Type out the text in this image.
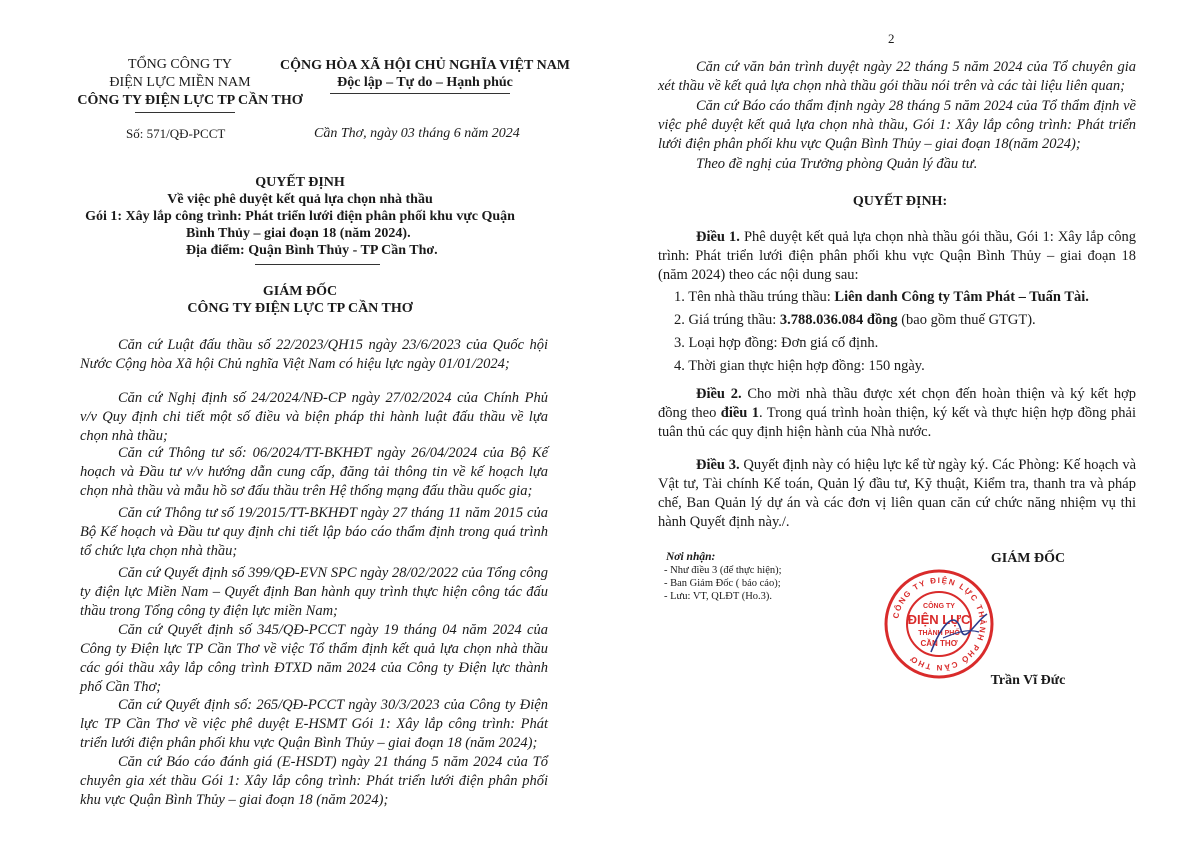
TỔNG CÔNG TY
ĐIỆN LỰC MIỀN NAM
CÔNG TY ĐIỆN LỰC TP CẦN THƠ
CỘNG HÒA XÃ HỘI CHỦ NGHĨA VIỆT NAM
Độc lập – Tự do – Hạnh phúc
Số: 571/QĐ-PCCT	Cần Thơ, ngày 03 tháng 6 năm 2024
QUYẾT ĐỊNH
Về việc phê duyệt kết quả lựa chọn nhà thầu
Gói 1: Xây lắp công trình: Phát triển lưới điện phân phối khu vực Quận
Bình Thủy – giai đoạn 18 (năm 2024).
Địa điểm: Quận Bình Thủy - TP Cần Thơ.
GIÁM ĐỐC
CÔNG TY ĐIỆN LỰC TP CẦN THƠ
Căn cứ Luật đấu thầu số 22/2023/QH15 ngày 23/6/2023 của Quốc hội Nước Cộng hòa Xã hội Chủ nghĩa Việt Nam có hiệu lực ngày 01/01/2024;
Căn cứ Nghị định số 24/2024/NĐ-CP ngày 27/02/2024 của Chính Phủ v/v Quy định chi tiết một số điều và biện pháp thi hành luật đấu thầu về lựa chọn nhà thầu;
Căn cứ Thông tư số: 06/2024/TT-BKHĐT ngày 26/04/2024 của Bộ Kế hoạch và Đầu tư v/v hướng dẫn cung cấp, đăng tải thông tin về kế hoạch lựa chọn nhà thầu và mẫu hồ sơ đấu thầu trên Hệ thống mạng đấu thầu quốc gia;
Căn cứ Thông tư số 19/2015/TT-BKHĐT ngày 27 tháng 11 năm 2015 của Bộ Kế hoạch và Đầu tư quy định chi tiết lập báo cáo thẩm định trong quá trình tổ chức lựa chọn nhà thầu;
Căn cứ Quyết định số 399/QĐ-EVN SPC ngày 28/02/2022 của Tổng công ty điện lực Miền Nam – Quyết định Ban hành quy trình thực hiện công tác đấu thầu trong Tổng công ty điện lực miền Nam;
Căn cứ Quyết định số 345/QĐ-PCCT ngày 19 tháng 04 năm 2024 của Công ty Điện lực TP Cần Thơ về việc Tổ thẩm định kết quả lựa chọn nhà thầu các gói thầu xây lắp công trình ĐTXD năm 2024 của Công ty Điện lực thành phố Cần Thơ;
Căn cứ Quyết định số: 265/QĐ-PCCT ngày 30/3/2023 của Công ty Điện lực TP Cần Thơ về việc phê duyệt E-HSMT Gói 1: Xây lắp công trình: Phát triển lưới điện phân phối khu vực Quận Bình Thủy – giai đoạn 18 (năm 2024);
Căn cứ Báo cáo đánh giá (E-HSDT) ngày 21 tháng 5 năm 2024 của Tổ chuyên gia xét thầu Gói 1: Xây lắp công trình: Phát triển lưới điện phân phối khu vực Quận Bình Thủy – giai đoạn 18 (năm 2024);
2
Căn cứ văn bản trình duyệt ngày 22 tháng 5 năm 2024 của Tổ chuyên gia xét thầu về kết quả lựa chọn nhà thầu gói thầu nói trên và các tài liệu liên quan;
Căn cứ Báo cáo thẩm định ngày 28 tháng 5 năm 2024 của Tổ thẩm định về việc phê duyệt kết quả lựa chọn nhà thầu, Gói 1: Xây lắp công trình: Phát triển lưới điện phân phối khu vực Quận Bình Thủy – giai đoạn 18(năm 2024);
Theo đề nghị của Trưởng phòng Quản lý đầu tư.
QUYẾT ĐỊNH:
Điều 1. Phê duyệt kết quả lựa chọn nhà thầu gói thầu, Gói 1: Xây lắp công trình: Phát triển lưới điện phân phối khu vực Quận Bình Thủy – giai đoạn 18 (năm 2024) theo các nội dung sau:
1. Tên nhà thầu trúng thầu: Liên danh Công ty Tâm Phát – Tuấn Tài.
2. Giá trúng thầu: 3.788.036.084 đồng (bao gồm thuế GTGT).
3. Loại hợp đồng: Đơn giá cố định.
4. Thời gian thực hiện hợp đồng: 150 ngày.
Điều 2. Cho mời nhà thầu được xét chọn đến hoàn thiện và ký kết hợp đồng theo điều 1. Trong quá trình hoàn thiện, ký kết và thực hiện hợp đồng phải tuân thủ các quy định hiện hành của Nhà nước.
Điều 3. Quyết định này có hiệu lực kể từ ngày ký. Các Phòng: Kế hoạch và Vật tư, Tài chính Kế toán, Quản lý đầu tư, Kỹ thuật, Kiểm tra, thanh tra và pháp chế, Ban Quản lý dự án và các đơn vị liên quan căn cứ chức năng nhiệm vụ thi hành Quyết định này./.
Nơi nhận:
- Như điều 3 (để thực hiện);
- Ban Giám Đốc ( báo cáo);
- Lưu: VT, QLĐT (Ho.3).
GIÁM ĐỐC
Trần Vĩ Đức
CÔNG TY ĐIỆN LỰC THÀNH PHỐ CẦN THƠ
CÔNG TY
ĐIỆN LỰC
THÀNH PHỐ
CẦN THƠ
